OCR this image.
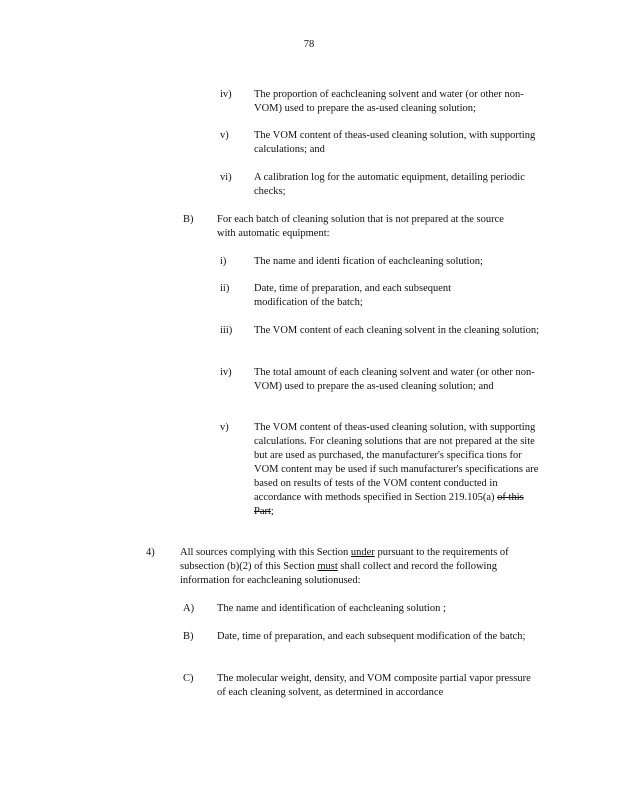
78
iv) The proportion of eachcleaning solvent and water (or other non-VOM) used to prepare the as-used cleaning solution;
v) The VOM content of theas-used cleaning solution, with supporting calculations; and
vi) A calibration log for the automatic equipment, detailing periodic checks;
B) For each batch of cleaning solution that is not prepared at the source with automatic equipment:
i)	The name and identi fication of eachcleaning solution;
ii) Date, time of preparation, and each subsequent modification of the batch;
iii) The VOM content of each cleaning solvent in the cleaning solution;
iv) The total amount of each cleaning solvent and water (or other non-VOM) used to prepare the as-used cleaning solution; and
v) The VOM content of theas-used cleaning solution, with supporting calculations. For cleaning solutions that are not prepared at the site but are used as purchased, the manufacturer's specifica tions for VOM content may be used if such manufacturer's specifications are based on results of tests of the VOM content conducted in accordance with methods specified in Section 219.105(a) of this Part;
4) All sources complying with this Section under pursuant to the requirements of subsection (b)(2) of this Section must shall collect and record the following information for eachcleaning solutionused:
A) The name and identification of eachcleaning solution ;
B) Date, time of preparation, and each subsequent modification of the batch;
C) The molecular weight, density, and VOM composite partial vapor pressure of each cleaning solvent, as determined in accordance
